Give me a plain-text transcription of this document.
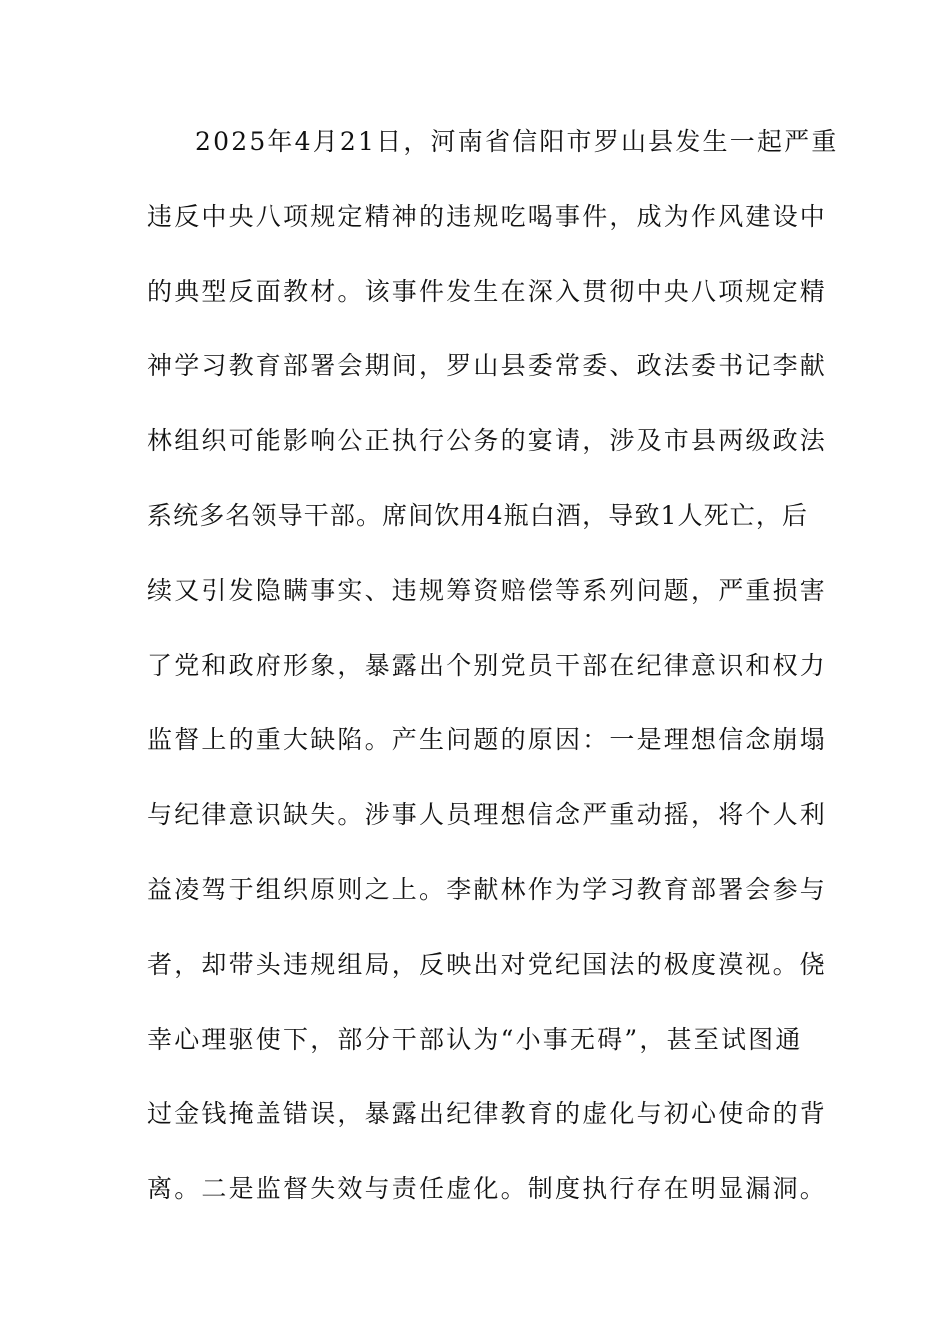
2025年4月21日，河南省信阳市罗山县发生一起严重
违反中央八项规定精神的违规吃喝事件，成为作风建设中
的典型反面教材。该事件发生在深入贯彻中央八项规定精
神学习教育部署会期间，罗山县委常委、政法委书记李献
林组织可能影响公正执行公务的宴请，涉及市县两级政法
系统多名领导干部。席间饮用4瓶白酒，导致1人死亡，后
续又引发隐瞒事实、违规筹资赔偿等系列问题，严重损害
了党和政府形象，暴露出个别党员干部在纪律意识和权力
监督上的重大缺陷。产生问题的原因：一是理想信念崩塌
与纪律意识缺失。涉事人员理想信念严重动摇，将个人利
益凌驾于组织原则之上。李献林作为学习教育部署会参与
者，却带头违规组局，反映出对党纪国法的极度漠视。侥
幸心理驱使下，部分干部认为“小事无碍”，甚至试图通
过金钱掩盖错误，暴露出纪律教育的虚化与初心使命的背
离。二是监督失效与责任虚化。制度执行存在明显漏洞。
